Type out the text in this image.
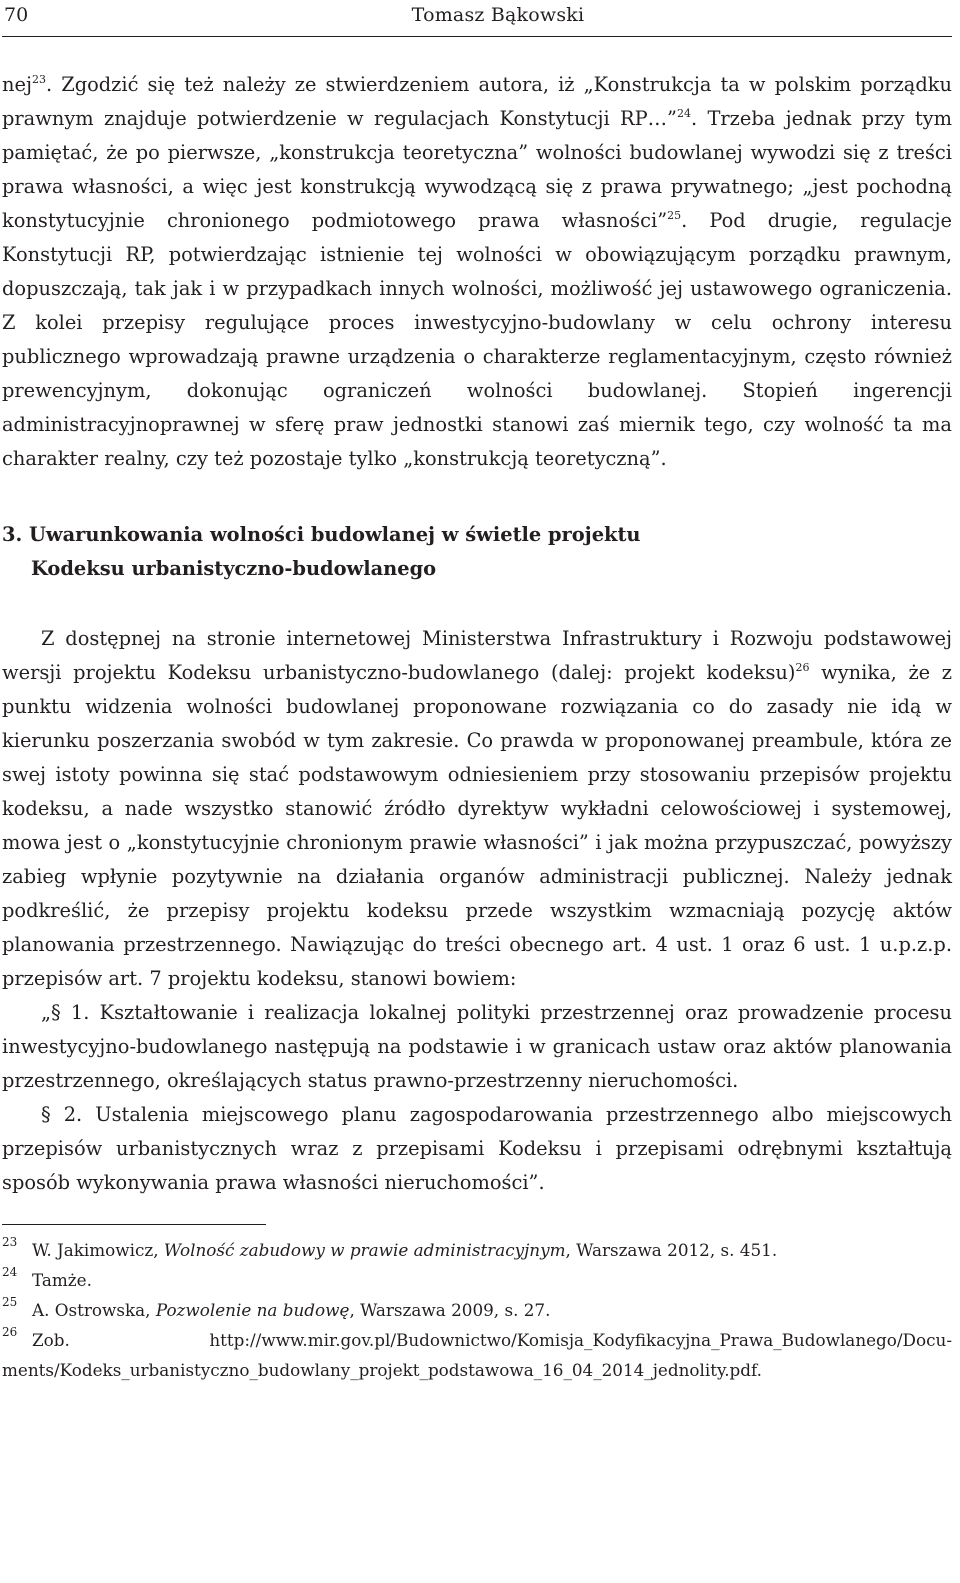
70	Tomasz Bąkowski

nej$^{23}$. Zgodzić się też należy ze stwierdzeniem autora, iż „Konstrukcja ta w polskim porządku prawnym znajduje potwierdzenie w regulacjach Konstytucji RP…”$^{24}$. Trzeba jednak przy tym pamiętać, że po pierwsze, „konstrukcja teoretyczna” wolności budowlanej wywodzi się z treści prawa własności, a więc jest konstrukcją wywodzącą się z prawa prywatnego; „jest pochodną konstytucyjnie chronionego podmiotowego prawa własności”$^{25}$. Pod drugie, regulacje Konstytucji RP, potwierdzając istnienie tej wolności w obowiązującym porządku prawnym, dopuszczają, tak jak i w przypadkach innych wolności, możliwość jej ustawowego ograniczenia. Z kolei przepisy regulujące proces inwestycyjno-budowlany w celu ochrony interesu publicznego wprowadzają prawne urządzenia o charakterze reglamentacyjnym, często również prewencyjnym, dokonując ograniczeń wolności budowlanej. Stopień ingerencji administracyjnoprawnej w sferę praw jednostki stanowi zaś miernik tego, czy wolność ta ma charakter realny, czy też pozostaje tylko „konstrukcją teoretyczną”.

3. Uwarunkowania wolności budowlanej w świetle projektu
Kodeksu urbanistyczno-budowlanego

Z dostępnej na stronie internetowej Ministerstwa Infrastruktury i Rozwoju podstawowej wersji projektu Kodeksu urbanistyczno-budowlanego (dalej: projekt kodeksu)$^{26}$ wynika, że z punktu widzenia wolności budowlanej proponowane rozwiązania co do zasady nie idą w kierunku poszerzania swobód w tym zakresie. Co prawda w proponowanej preambule, która ze swej istoty powinna się stać podstawowym odniesieniem przy stosowaniu przepisów projektu kodeksu, a nade wszystko stanowić źródło dyrektyw wykładni celowościowej i systemowej, mowa jest o „konstytucyjnie chronionym prawie własności” i jak można przypuszczać, powyższy zabieg wpłynie pozytywnie na działania organów administracji publicznej. Należy jednak podkreślić, że przepisy projektu kodeksu przede wszystkim wzmacniają pozycję aktów planowania przestrzennego. Nawiązując do treści obecnego art. 4 ust. 1 oraz 6 ust. 1 u.p.z.p. przepisów art. 7 projektu kodeksu, stanowi bowiem:

„§ 1. Kształtowanie i realizacja lokalnej polityki przestrzennej oraz prowadzenie procesu inwestycyjno-budowlanego następują na podstawie i w granicach ustaw oraz aktów planowania przestrzennego, określających status prawno-przestrzenny nieruchomości.

§ 2. Ustalenia miejscowego planu zagospodarowania przestrzennego albo miejscowych przepisów urbanistycznych wraz z przepisami Kodeksu i przepisami odrębnymi kształtują sposób wykonywania prawa własności nieruchomości”.

23 W. Jakimowicz, Wolność zabudowy w prawie administracyjnym, Warszawa 2012, s. 451.
24 Tamże.
25 A. Ostrowska, Pozwolenie na budowę, Warszawa 2009, s. 27.
26 Zob.	http://www.mir.gov.pl/Budownictwo/Komisja_Kodyfikacyjna_Prawa_Budowlanego/Docu-
ments/Kodeks_urbanistyczno_budowlany_projekt_podstawowa_16_04_2014_jednolity.pdf.
